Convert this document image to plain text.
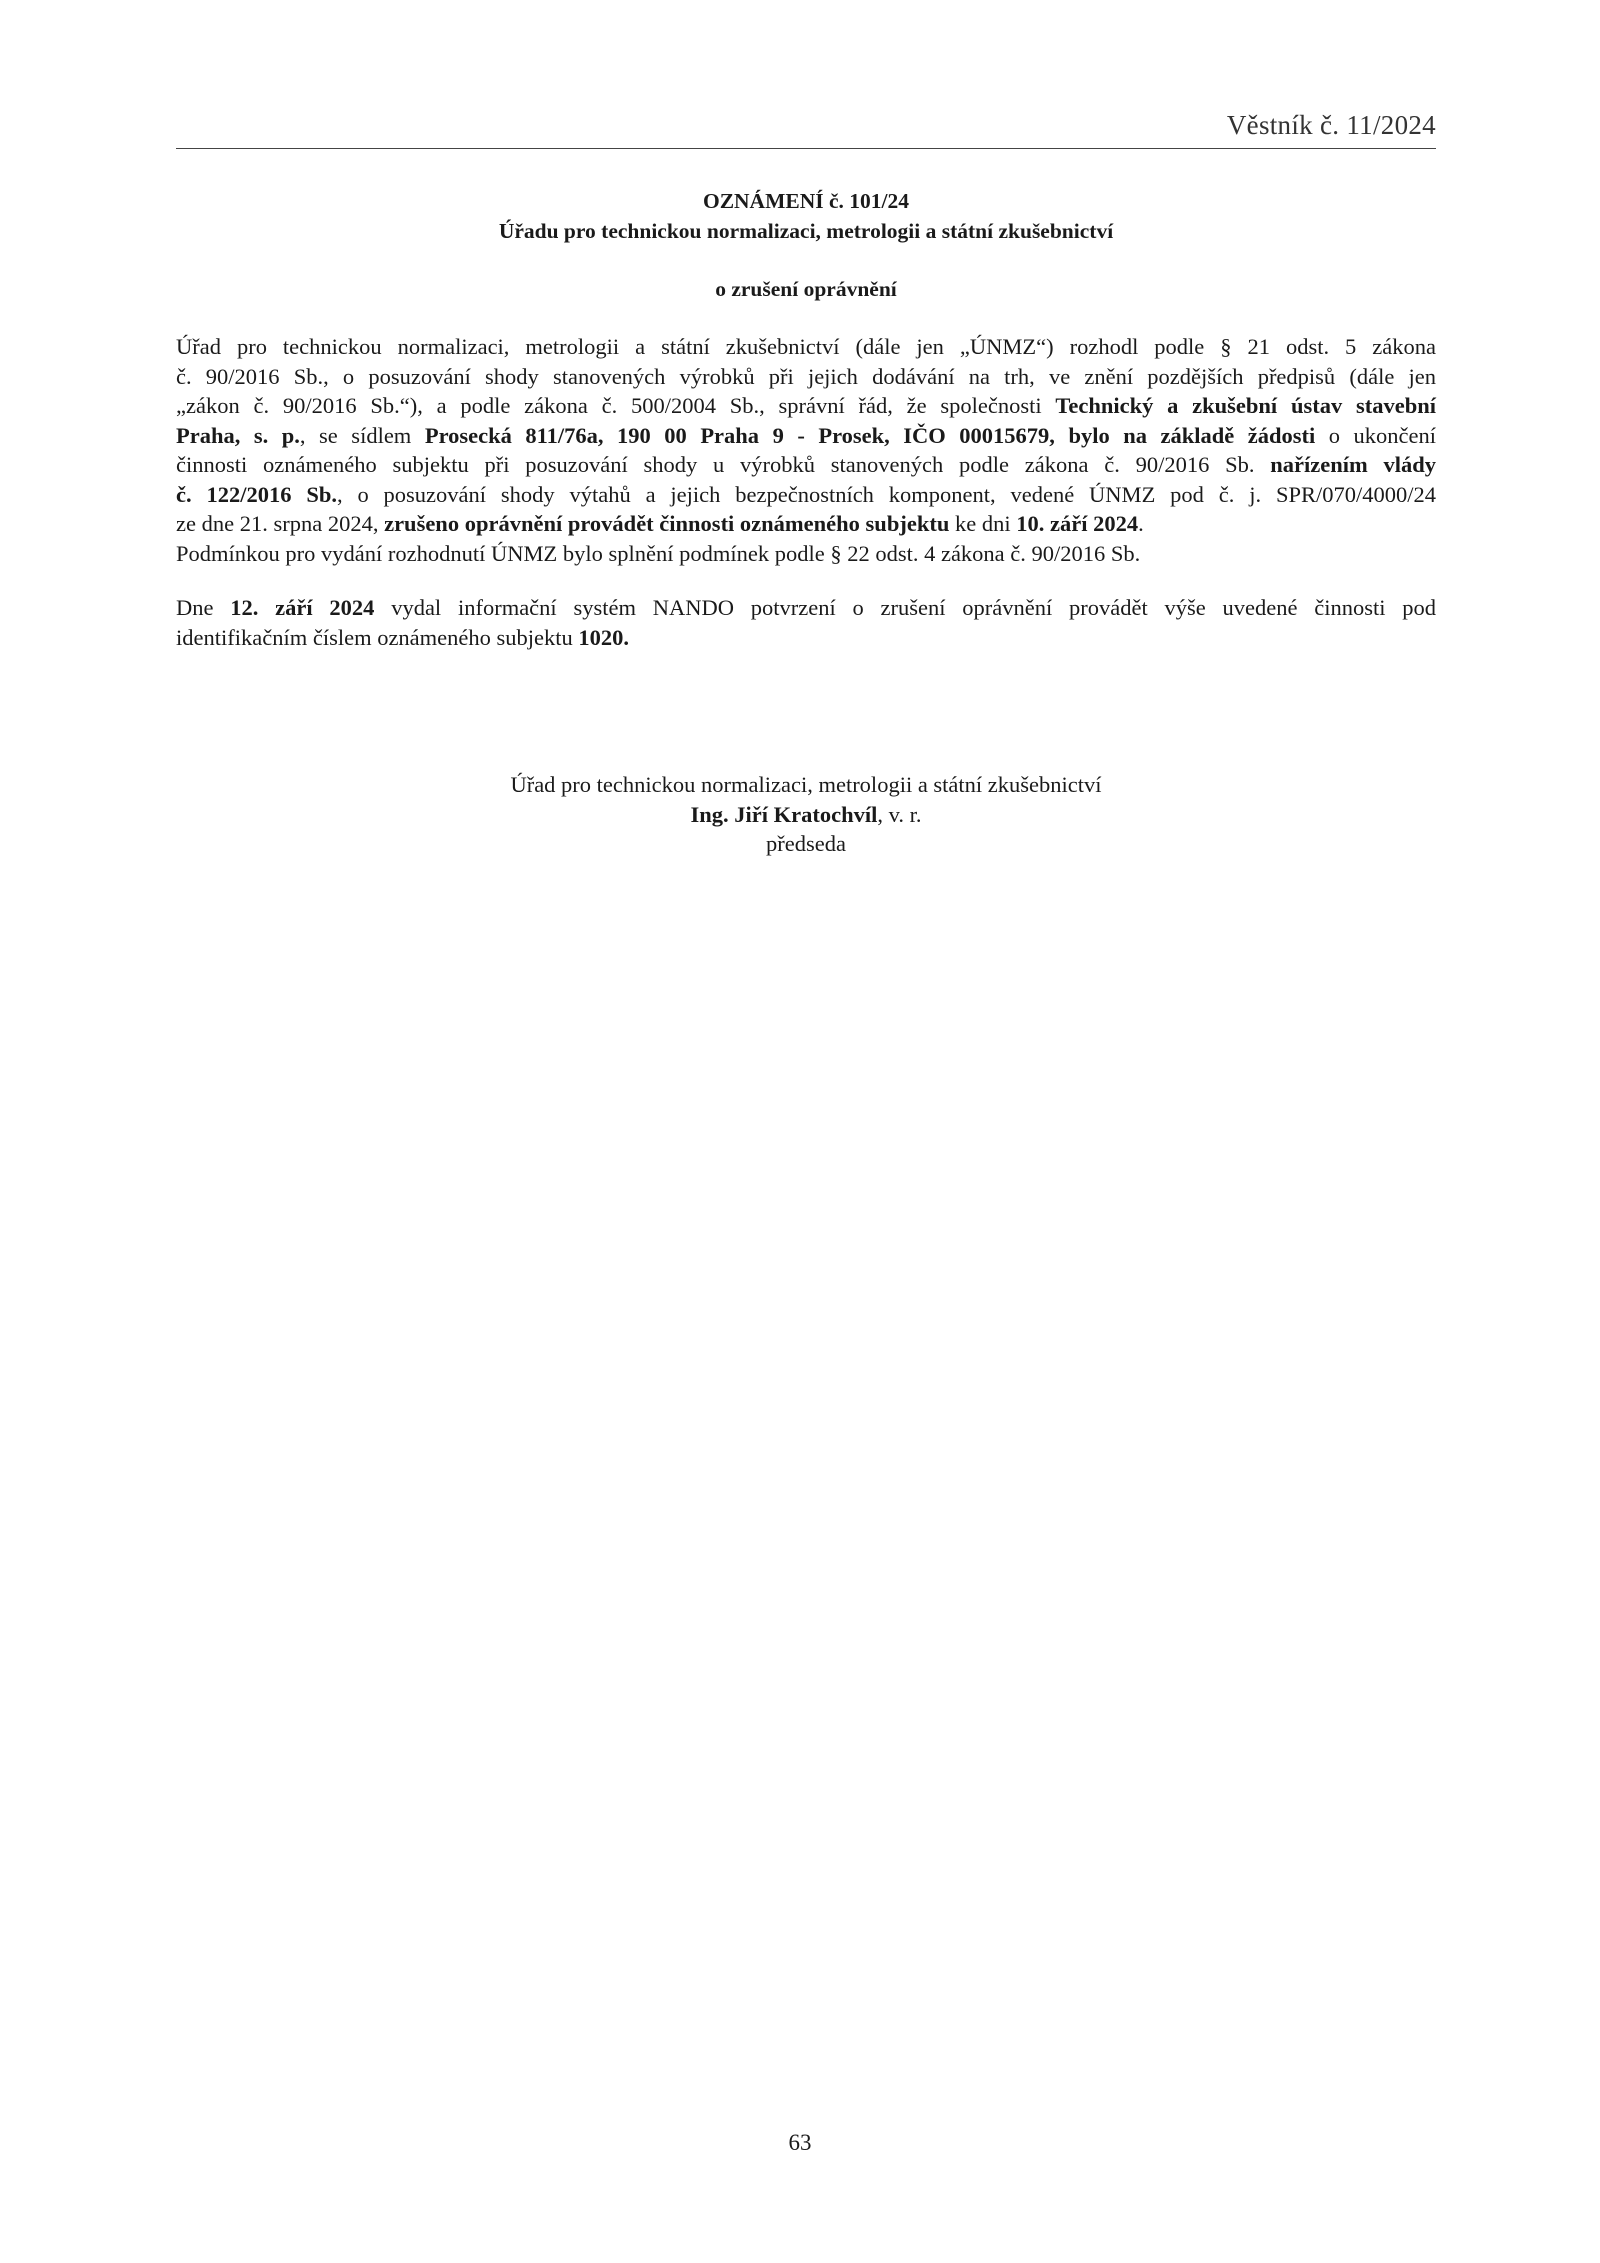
Věstník č. 11/2024
OZNÁMENÍ č. 101/24
Úřadu pro technickou normalizaci, metrologii a státní zkušebnictví
o zrušení oprávnění
Úřad pro technickou normalizaci, metrologii a státní zkušebnictví (dále jen „ÚNMZ“) rozhodl podle § 21 odst. 5 zákona
č. 90/2016 Sb., o posuzování shody stanovených výrobků při jejich dodávání na trh, ve znění pozdějších předpisů (dále jen
„zákon č. 90/2016 Sb.“), a podle zákona č. 500/2004 Sb., správní řád, že společnosti Technický a zkušební ústav stavební
Praha, s. p., se sídlem Prosecká 811/76a, 190 00 Praha 9 - Prosek, IČO 00015679, bylo na základě žádosti o ukončení
činnosti oznámeného subjektu při posuzování shody u výrobků stanovených podle zákona č. 90/2016 Sb. nařízením vlády
č. 122/2016 Sb., o posuzování shody výtahů a jejich bezpečnostních komponent, vedené ÚNMZ pod č. j. SPR/070/4000/24
ze dne 21. srpna 2024, zrušeno oprávnění provádět činnosti oznámeného subjektu ke dni 10. září 2024.
Podmínkou pro vydání rozhodnutí ÚNMZ bylo splnění podmínek podle § 22 odst. 4 zákona č. 90/2016 Sb.
Dne 12. září 2024 vydal informační systém NANDO potvrzení o zrušení oprávnění provádět výše uvedené činnosti pod
identifikačním číslem oznámeného subjektu 1020.
Úřad pro technickou normalizaci, metrologii a státní zkušebnictví
Ing. Jiří Kratochvíl, v. r.
předseda
63
